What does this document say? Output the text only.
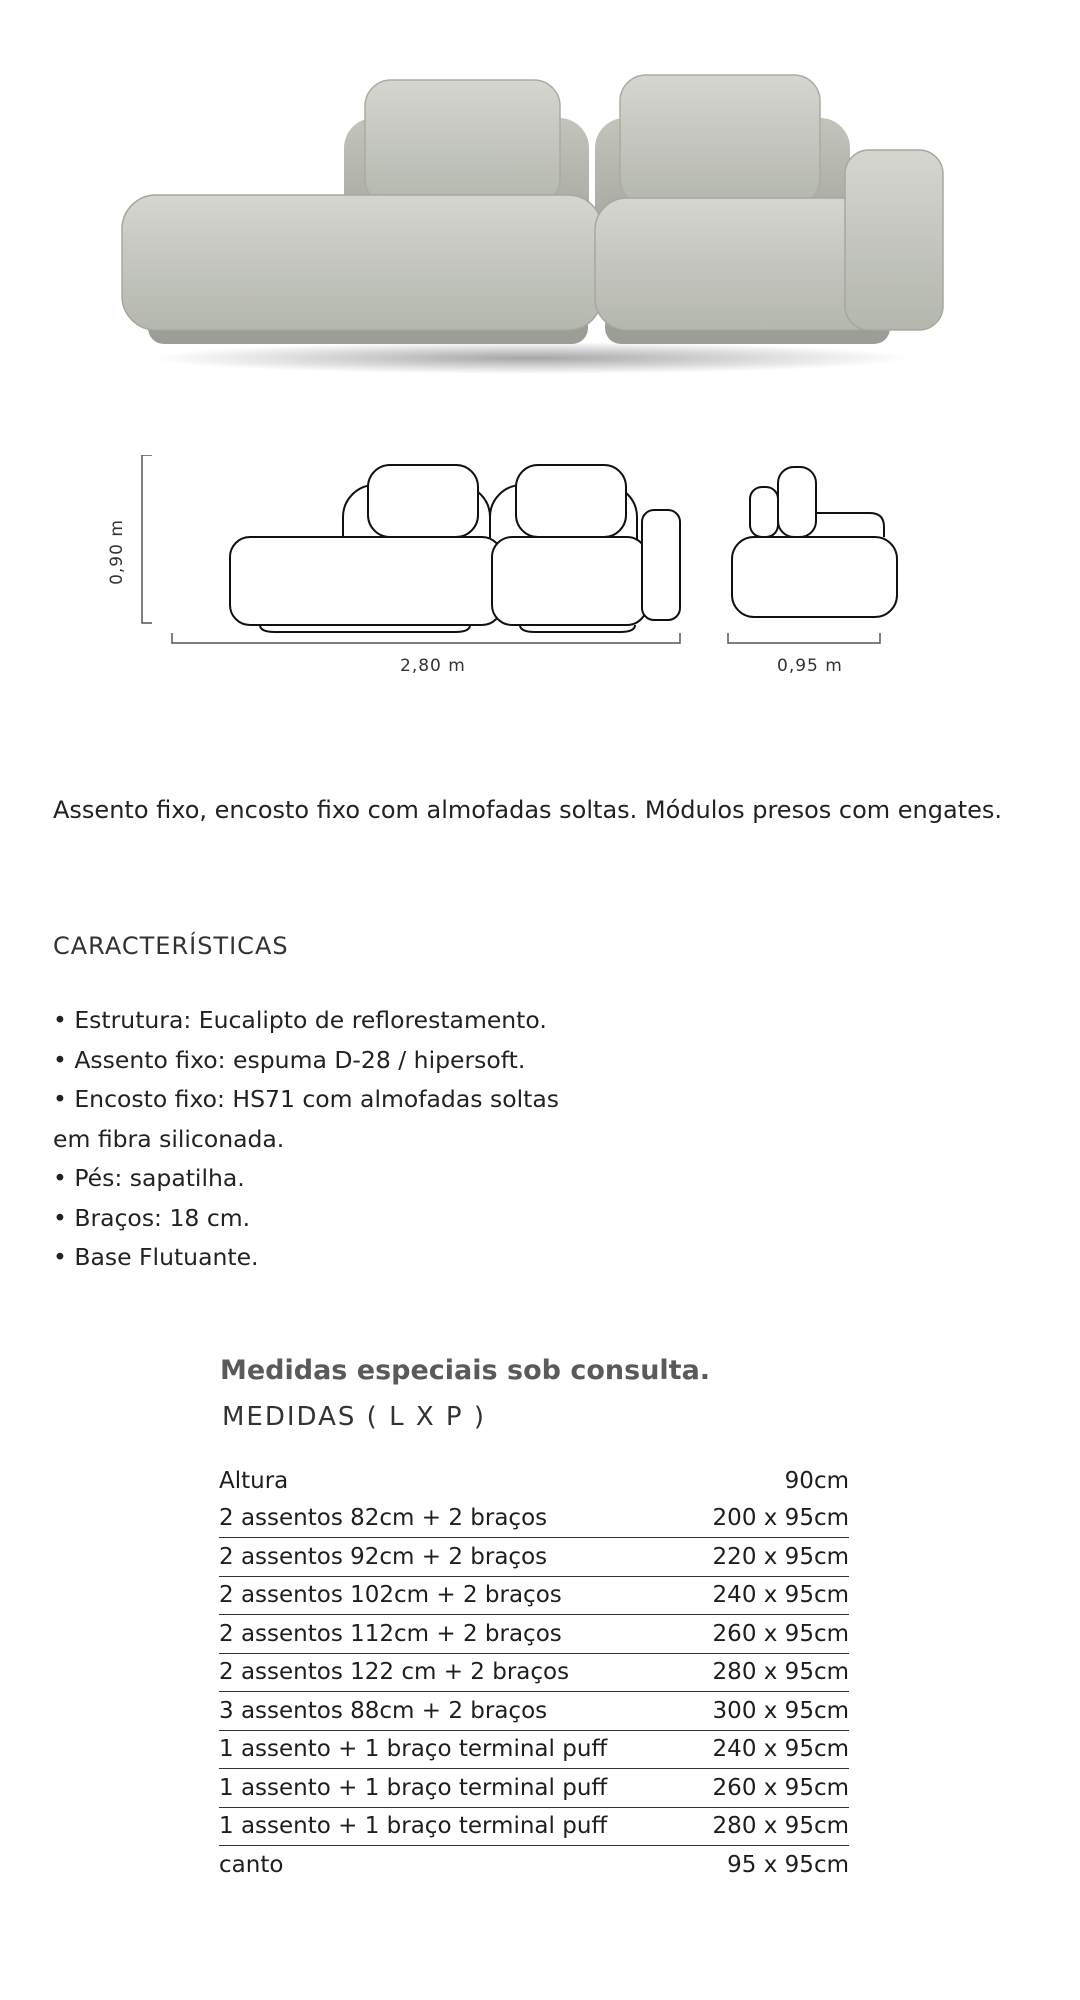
0,90 m
2,80 m	0,95 m
Assento fixo, encosto fixo com almofadas soltas. Módulos presos com engates.
CARACTERÍSTICAS
• Estrutura: Eucalipto de reflorestamento.
• Assento fixo: espuma D-28 / hipersoft.
• Encosto fixo: HS71 com almofadas soltas
em fibra siliconada.
• Pés: sapatilha.
• Braços: 18 cm.
• Base Flutuante.
Medidas especiais sob consulta.
MEDIDAS ( L X P )
Altura	90cm
2 assentos 82cm + 2 braços	200 x 95cm
2 assentos 92cm + 2 braços	220 x 95cm
2 assentos 102cm + 2 braços	240 x 95cm
2 assentos 112cm + 2 braços	260 x 95cm
2 assentos 122 cm + 2 braços	280 x 95cm
3 assentos 88cm + 2 braços	300 x 95cm
1 assento + 1 braço terminal puff	240 x 95cm
1 assento + 1 braço terminal puff	260 x 95cm
1 assento + 1 braço terminal puff	280 x 95cm
canto	95 x 95cm
